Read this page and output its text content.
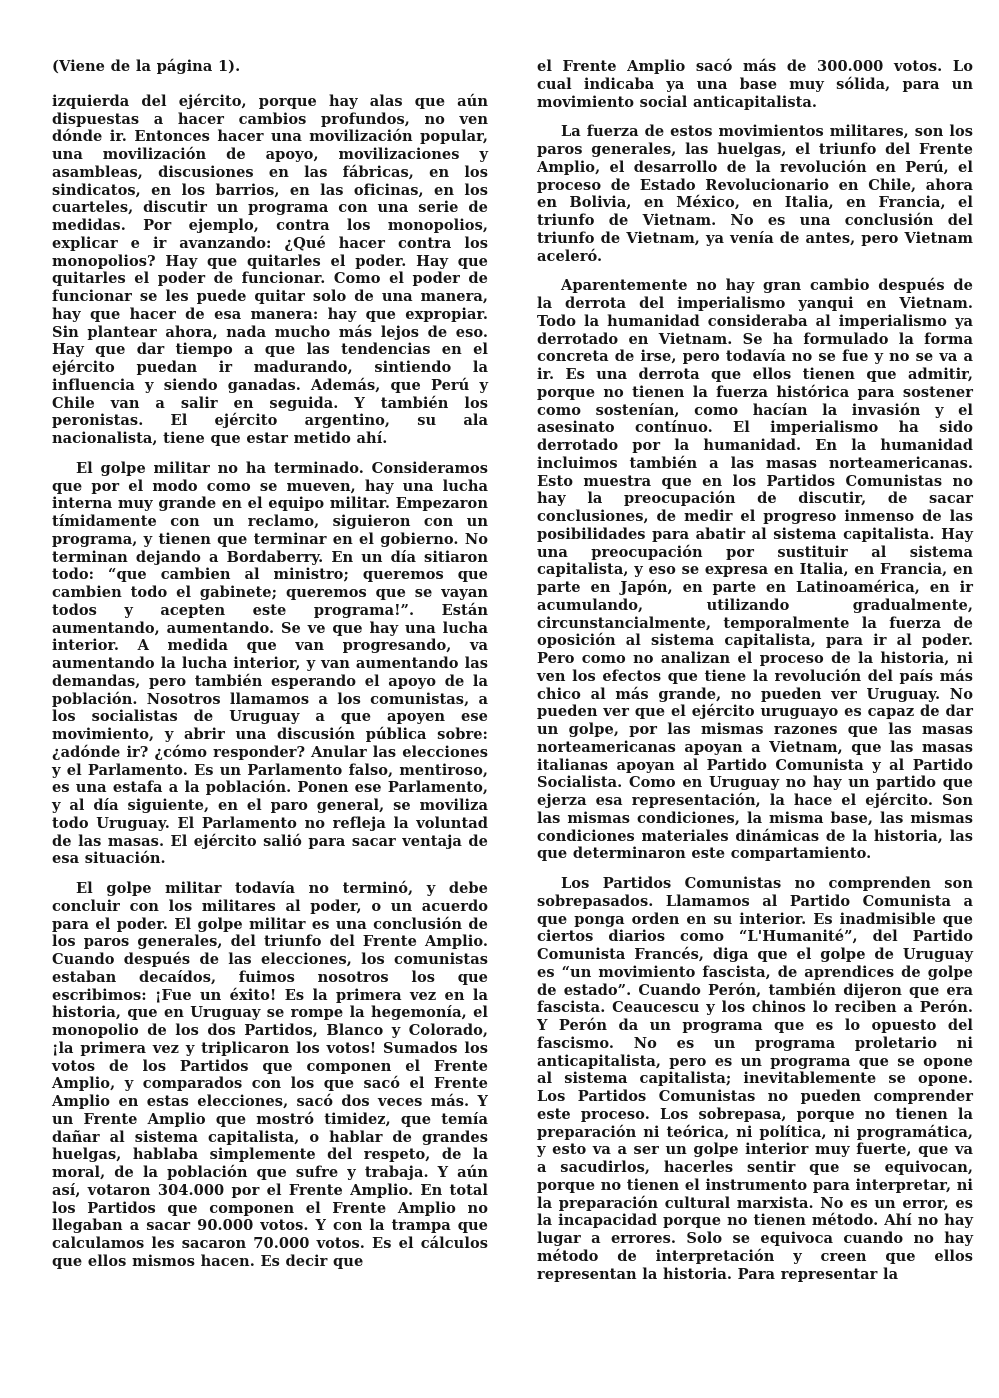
(Viene de la página 1).

izquierda del ejército, porque hay alas que aún dispuestas a hacer cambios profundos, no ven dónde ir. Entonces hacer una movilización popular, una movilización de apoyo, movilizaciones y asambleas, discusiones en las fábricas, en los sindicatos, en los barrios, en las oficinas, en los cuarteles, discutir un programa con una serie de medidas. Por ejemplo, contra los monopolios, explicar e ir avanzando: ¿Qué hacer contra los monopolios? Hay que quitarles el poder. Hay que quitarles el poder de funcionar. Como el poder de funcionar se les puede quitar solo de una manera, hay que hacer de esa manera: hay que expropiar. Sin plantear ahora, nada mucho más lejos de eso. Hay que dar tiempo a que las tendencias en el ejército puedan ir madurando, sintiendo la influencia y siendo ganadas. Además, que Perú y Chile van a salir en seguida. Y también los peronistas. El ejército argentino, su ala nacionalista, tiene que estar metido ahí.

El golpe militar no ha terminado. Consideramos que por el modo como se mueven, hay una lucha interna muy grande en el equipo militar. Empezaron tímidamente con un reclamo, siguieron con un programa, y tienen que terminar en el gobierno. No terminan dejando a Bordaberry. En un día sitiaron todo: “que cambien al ministro; queremos que cambien todo el gabinete; queremos que se vayan todos y acepten este programa!”. Están aumentando, aumentando. Se ve que hay una lucha interior. A medida que van progresando, va aumentando la lucha interior, y van aumentando las demandas, pero también esperando el apoyo de la población. Nosotros llamamos a los comunistas, a los socialistas de Uruguay a que apoyen ese movimiento, y abrir una discusión pública sobre: ¿adónde ir? ¿cómo responder? Anular las elecciones y el Parlamento. Es un Parlamento falso, mentiroso, es una estafa a la población. Ponen ese Parlamento, y al día siguiente, en el paro general, se moviliza todo Uruguay. El Parlamento no refleja la voluntad de las masas. El ejército salió para sacar ventaja de esa situación.

El golpe militar todavía no terminó, y debe concluir con los militares al poder, o un acuerdo para el poder. El golpe militar es una conclusión de los paros generales, del triunfo del Frente Amplio. Cuando después de las elecciones, los comunistas estaban decaídos, fuimos nosotros los que escribimos: ¡Fue un éxito! Es la primera vez en la historia, que en Uruguay se rompe la hegemonía, el monopolio de los dos Partidos, Blanco y Colorado, ¡la primera vez y triplicaron los votos! Sumados los votos de los Partidos que componen el Frente Amplio, y comparados con los que sacó el Frente Amplio en estas elecciones, sacó dos veces más. Y un Frente Amplio que mostró timidez, que temía dañar al sistema capitalista, o hablar de grandes huelgas, hablaba simplemente del respeto, de la moral, de la población que sufre y trabaja. Y aún así, votaron 304.000 por el Frente Amplio. En total los Partidos que componen el Frente Amplio no llegaban a sacar 90.000 votos. Y con la trampa que calculamos les sacaron 70.000 votos. Es el cálculos que ellos mismos hacen. Es decir que

el Frente Amplio sacó más de 300.000 votos. Lo cual indicaba ya una base muy sólida, para un movimiento social anticapitalista.

La fuerza de estos movimientos militares, son los paros generales, las huelgas, el triunfo del Frente Amplio, el desarrollo de la revolución en Perú, el proceso de Estado Revolucionario en Chile, ahora en Bolivia, en México, en Italia, en Francia, el triunfo de Vietnam. No es una conclusión del triunfo de Vietnam, ya venía de antes, pero Vietnam aceleró.

Aparentemente no hay gran cambio después de la derrota del imperialismo yanqui en Vietnam. Todo la humanidad consideraba al imperialismo ya derrotado en Vietnam. Se ha formulado la forma concreta de irse, pero todavía no se fue y no se va a ir. Es una derrota que ellos tienen que admitir, porque no tienen la fuerza histórica para sostener como sostenían, como hacían la invasión y el asesinato contínuo. El imperialismo ha sido derrotado por la humanidad. En la humanidad incluimos también a las masas norteamericanas. Esto muestra que en los Partidos Comunistas no hay la preocupación de discutir, de sacar conclusiones, de medir el progreso inmenso de las posibilidades para abatir al sistema capitalista. Hay una preocupación por sustituir al sistema capitalista, y eso se expresa en Italia, en Francia, en parte en Japón, en parte en Latinoamérica, en ir acumulando, utilizando gradualmente, circunstancialmente, temporalmente la fuerza de oposición al sistema capitalista, para ir al poder. Pero como no analizan el proceso de la historia, ni ven los efectos que tiene la revolución del país más chico al más grande, no pueden ver Uruguay. No pueden ver que el ejército uruguayo es capaz de dar un golpe, por las mismas razones que las masas norteamericanas apoyan a Vietnam, que las masas italianas apoyan al Partido Comunista y al Partido Socialista. Como en Uruguay no hay un partido que ejerza esa representación, la hace el ejército. Son las mismas condiciones, la misma base, las mismas condiciones materiales dinámicas de la historia, las que determinaron este compartamiento.

Los Partidos Comunistas no comprenden son sobrepasados. Llamamos al Partido Comunista a que ponga orden en su interior. Es inadmisible que ciertos diarios como “L'Humanité”, del Partido Comunista Francés, diga que el golpe de Uruguay es “un movimiento fascista, de aprendices de golpe de estado”. Cuando Perón, también dijeron que era fascista. Ceaucescu y los chinos lo reciben a Perón. Y Perón da un programa que es lo opuesto del fascismo. No es un programa proletario ni anticapitalista, pero es un programa que se opone al sistema capitalista; inevitablemente se opone. Los Partidos Comunistas no pueden comprender este proceso. Los sobrepasa, porque no tienen la preparación ni teórica, ni política, ni programática, y esto va a ser un golpe interior muy fuerte, que va a sacudirlos, hacerles sentir que se equivocan, porque no tienen el instrumento para interpretar, ni la preparación cultural marxista. No es un error, es la incapacidad porque no tienen método. Ahí no hay lugar a errores. Solo se equivoca cuando no hay método de interpretación y creen que ellos representan la historia. Para representar la
